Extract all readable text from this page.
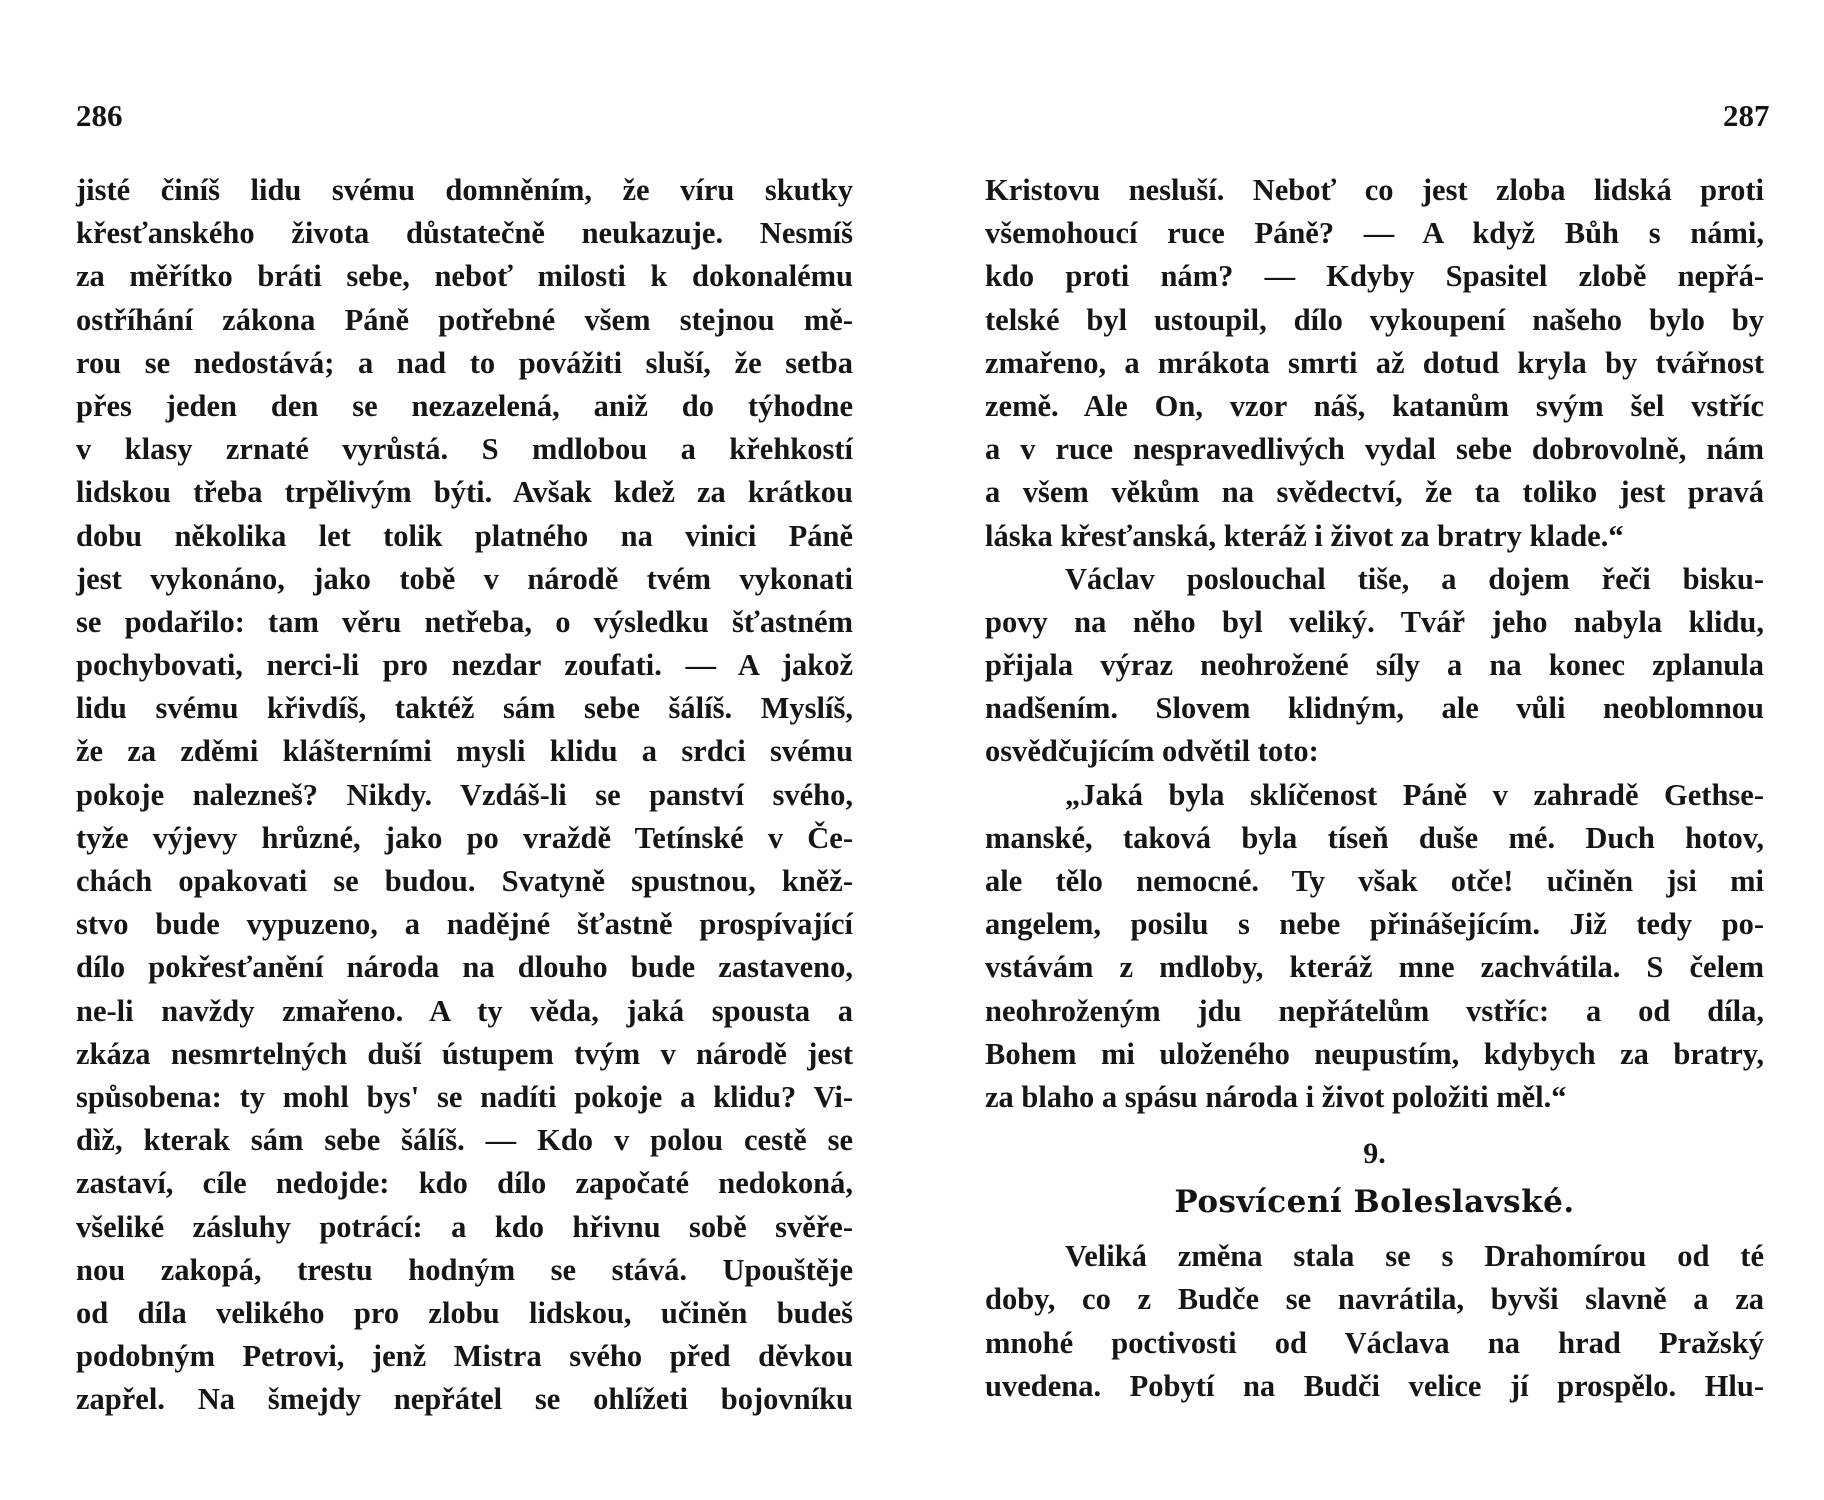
286	287
jisté činíš lidu svému domněním, že víru skutky
křesťanského života důstatečně neukazuje. Nesmíš
za měřítko bráti sebe, neboť milosti k dokonalému
ostříhání zákona Páně potřebné všem stejnou mě-
rou se nedostává; a nad to povážiti sluší, že setba
přes jeden den se nezazelená, aniž do týhodne
v klasy zrnaté vyrůstá. S mdlobou a křehkostí
lidskou třeba trpělivým býti. Avšak kdež za krátkou
dobu několika let tolik platného na vinici Páně
jest vykonáno, jako tobě v národě tvém vykonati
se podařilo: tam věru netřeba, o výsledku šťastném
pochybovati, nerci-li pro nezdar zoufati. — A jakož
lidu svému křivdíš, taktéž sám sebe šálíš. Myslíš,
že za zděmi klášterními mysli klidu a srdci svému
pokoje nalezneš? Nikdy. Vzdáš-li se panství svého,
tyže výjevy hrůzné, jako po vraždě Tetínské v Če-
chách opakovati se budou. Svatyně spustnou, kněž-
stvo bude vypuzeno, a nadějné šťastně prospívající
dílo pokřesťanění národa na dlouho bude zastaveno,
ne-li navždy zmařeno. A ty věda, jaká spousta a
zkáza nesmrtelných duší ústupem tvým v národě jest
spůsobena: ty mohl bys' se nadíti pokoje a klidu? Vi-
dìž, kterak sám sebe šálíš. — Kdo v polou cestě se
zastaví, cíle nedojde: kdo dílo započaté nedokoná,
všeliké zásluhy potrácí: a kdo hřivnu sobě svěře-
nou zakopá, trestu hodným se stává. Upouštěje
od díla velikého pro zlobu lidskou, učiněn budeš
podobným Petrovi, jenž Mistra svého před děvkou
zapřel. Na šmejdy nepřátel se ohlížeti bojovníku
Kristovu nesluší. Neboť co jest zloba lidská proti
všemohoucí ruce Páně? — A když Bůh s námi,
kdo proti nám? — Kdyby Spasitel zlobě nepřá-
telské byl ustoupil, dílo vykoupení našeho bylo by
zmařeno, a mrákota smrti až dotud kryla by tvářnost
země. Ale On, vzor náš, katanům svým šel vstříc
a v ruce nespravedlivých vydal sebe dobrovolně, nám
a všem věkům na svědectví, že ta toliko jest pravá
láska křesťanská, kteráž i život za bratry klade.“
Václav poslouchal tiše, a dojem řeči bisku-
povy na něho byl veliký. Tvář jeho nabyla klidu,
přijala výraz neohrožené síly a na konec zplanula
nadšením. Slovem klidným, ale vůli neoblomnou
osvědčujícím odvětil toto:
„Jaká byla sklíčenost Páně v zahradě Gethse-
manské, taková byla tíseň duše mé. Duch hotov,
ale tělo nemocné. Ty však otče! učiněn jsi mi
angelem, posilu s nebe přinášejícím. Již tedy po-
vstávám z mdloby, kteráž mne zachvátila. S čelem
neohroženým jdu nepřátelům vstříc: a od díla,
Bohem mi uloženého neupustím, kdybych za bratry,
za blaho a spásu národa i život položiti měl.“
9.
Posvícení Boleslavské.
Veliká změna stala se s Drahomírou od té
doby, co z Budče se navrátila, byvši slavně a za
mnohé poctivosti od Václava na hrad Pražský
uvedena. Pobytí na Budči velice jí prospělo. Hlu-
